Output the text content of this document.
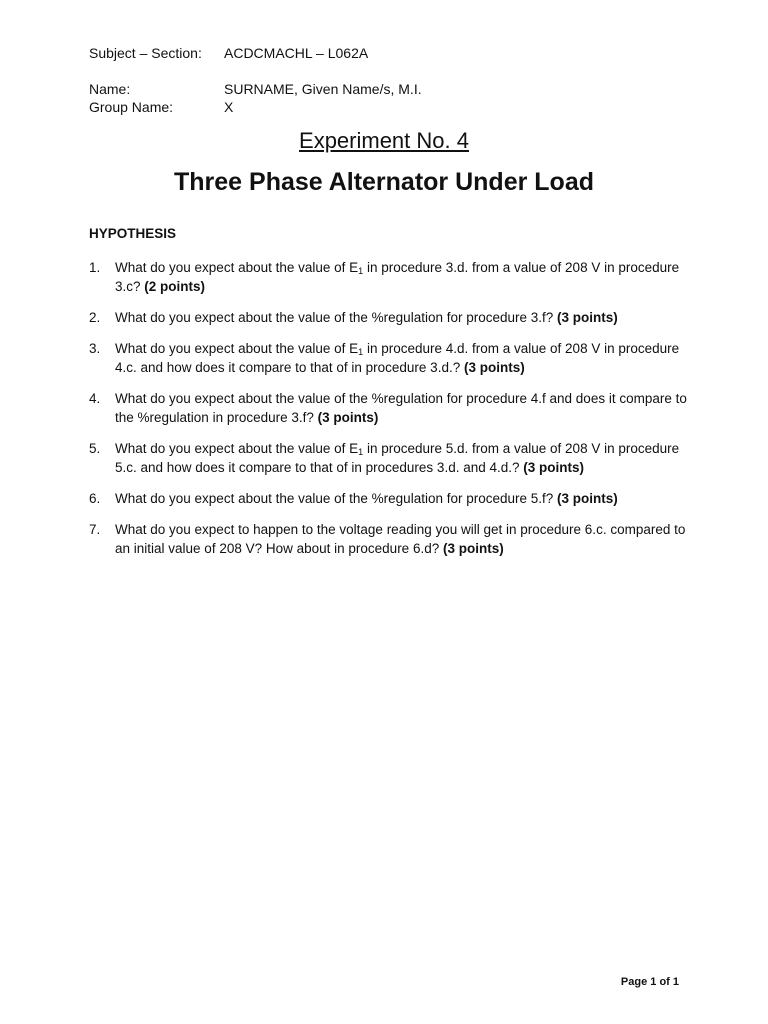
Subject – Section: ACDCMACHL – L062A
Name:	SURNAME, Given Name/s, M.I.
Group Name:	X
Experiment No. 4
Three Phase Alternator Under Load
HYPOTHESIS
1.	What do you expect about the value of $E_1$ in procedure 3.d. from a value of 208 V in procedure 3.c? (2 points)
2.	What do you expect about the value of the %regulation for procedure 3.f? (3 points)
3.	What do you expect about the value of $E_1$ in procedure 4.d. from a value of 208 V in procedure 4.c. and how does it compare to that of in procedure 3.d.? (3 points)
4.	What do you expect about the value of the %regulation for procedure 4.f and does it compare to the %regulation in procedure 3.f? (3 points)
5.	What do you expect about the value of $E_1$ in procedure 5.d. from a value of 208 V in procedure 5.c. and how does it compare to that of in procedures 3.d. and 4.d.? (3 points)
6.	What do you expect about the value of the %regulation for procedure 5.f? (3 points)
7.	What do you expect to happen to the voltage reading you will get in procedure 6.c. compared to an initial value of 208 V? How about in procedure 6.d? (3 points)
Page 1 of 1
